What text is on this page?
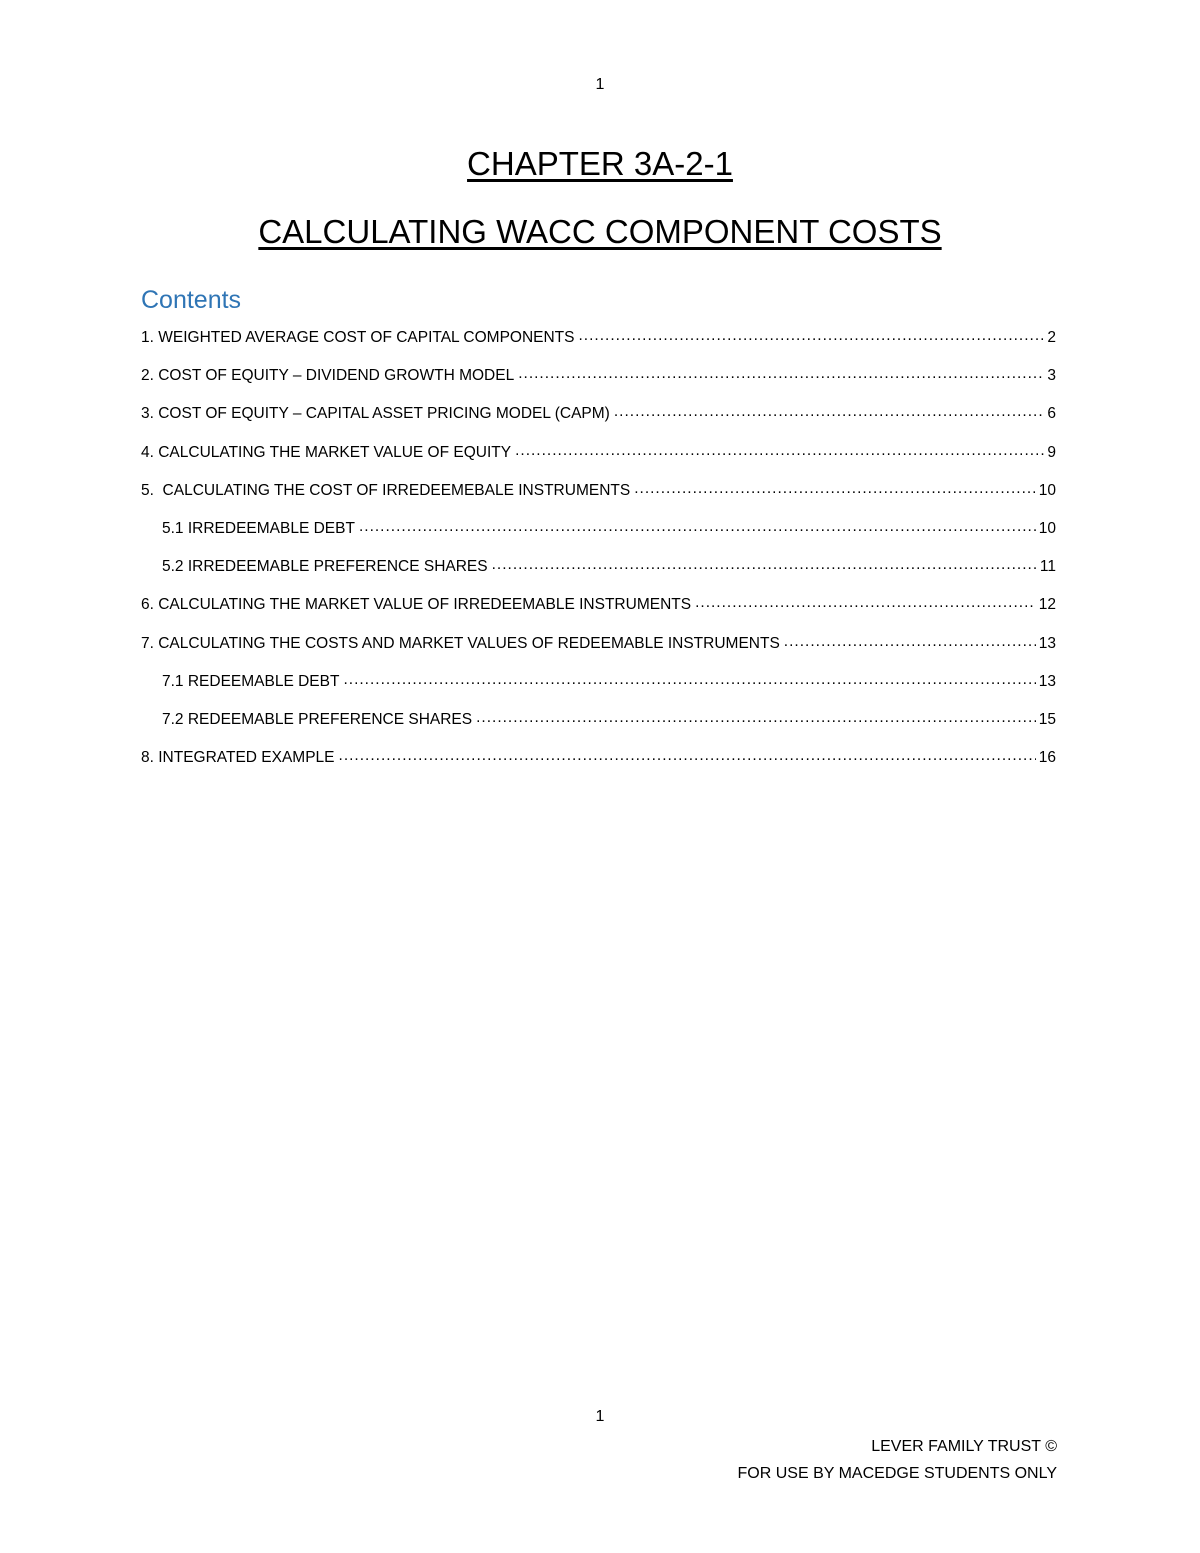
1
CHAPTER 3A-2-1
CALCULATING WACC COMPONENT COSTS
Contents
1. WEIGHTED AVERAGE COST OF CAPITAL COMPONENTS .....	2
2. COST OF EQUITY – DIVIDEND GROWTH MODEL .....	3
3. COST OF EQUITY – CAPITAL ASSET PRICING MODEL (CAPM) .....	6
4. CALCULATING THE MARKET VALUE OF EQUITY .....	9
5.  CALCULATING THE COST OF IRREDEEMEBALE INSTRUMENTS .....	10
5.1 IRREDEEMABLE DEBT .....	10
5.2 IRREDEEMABLE PREFERENCE SHARES .....	11
6. CALCULATING THE MARKET VALUE OF IRREDEEMABLE INSTRUMENTS .....	12
7. CALCULATING THE COSTS AND MARKET VALUES OF REDEEMABLE INSTRUMENTS .....	13
7.1 REDEEMABLE DEBT .....	13
7.2 REDEEMABLE PREFERENCE SHARES .....	15
8. INTEGRATED EXAMPLE .....	16
1
LEVER FAMILY TRUST ©
FOR USE BY MACEDGE STUDENTS ONLY
